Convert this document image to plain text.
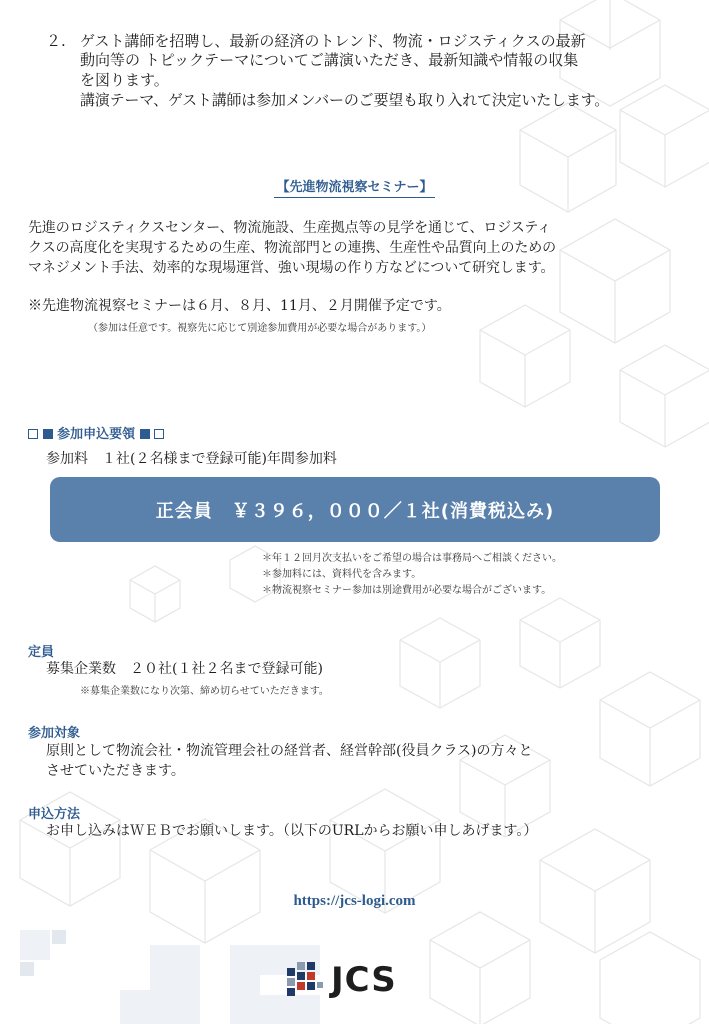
２. ゲスト講師を招聘し、最新の経済のトレンド、物流・ロジスティクスの最新
動向等の トピックテーマについてご講演いただき、最新知識や情報の収集
を図ります。
講演テーマ、ゲスト講師は参加メンバーのご要望も取り入れて決定いたします。
【先進物流視察セミナー】
先進のロジスティクスセンター、物流施設、生産拠点等の見学を通じて、ロジスティ
クスの高度化を実現するための生産、物流部門との連携、生産性や品質向上のための
マネジメント手法、効率的な現場運営、強い現場の作り方などについて研究します。
※先進物流視察セミナーは６月、８月、11月、２月開催予定です。
（参加は任意です。視察先に応じて別途参加費用が必要な場合があります。）
参加申込要領
参加料　１社(２名様まで登録可能)年間参加料
正会員　￥３９６，０００／１社(消費税込み)
＊年１２回月次支払いをご希望の場合は事務局へご相談ください。
＊参加料には、資料代を含みます。
＊物流視察セミナー参加は別途費用が必要な場合がございます。
定員
募集企業数　２０社(１社２名まで登録可能)
※募集企業数になり次第、締め切らせていただきます。
参加対象
原則として物流会社・物流管理会社の経営者、経営幹部(役員クラス)の方々と
させていただきます。
申込方法
お申し込みはＷＥＢでお願いします。（以下のURLからお願い申しあげます。）
https://jcs-logi.com
JCS
